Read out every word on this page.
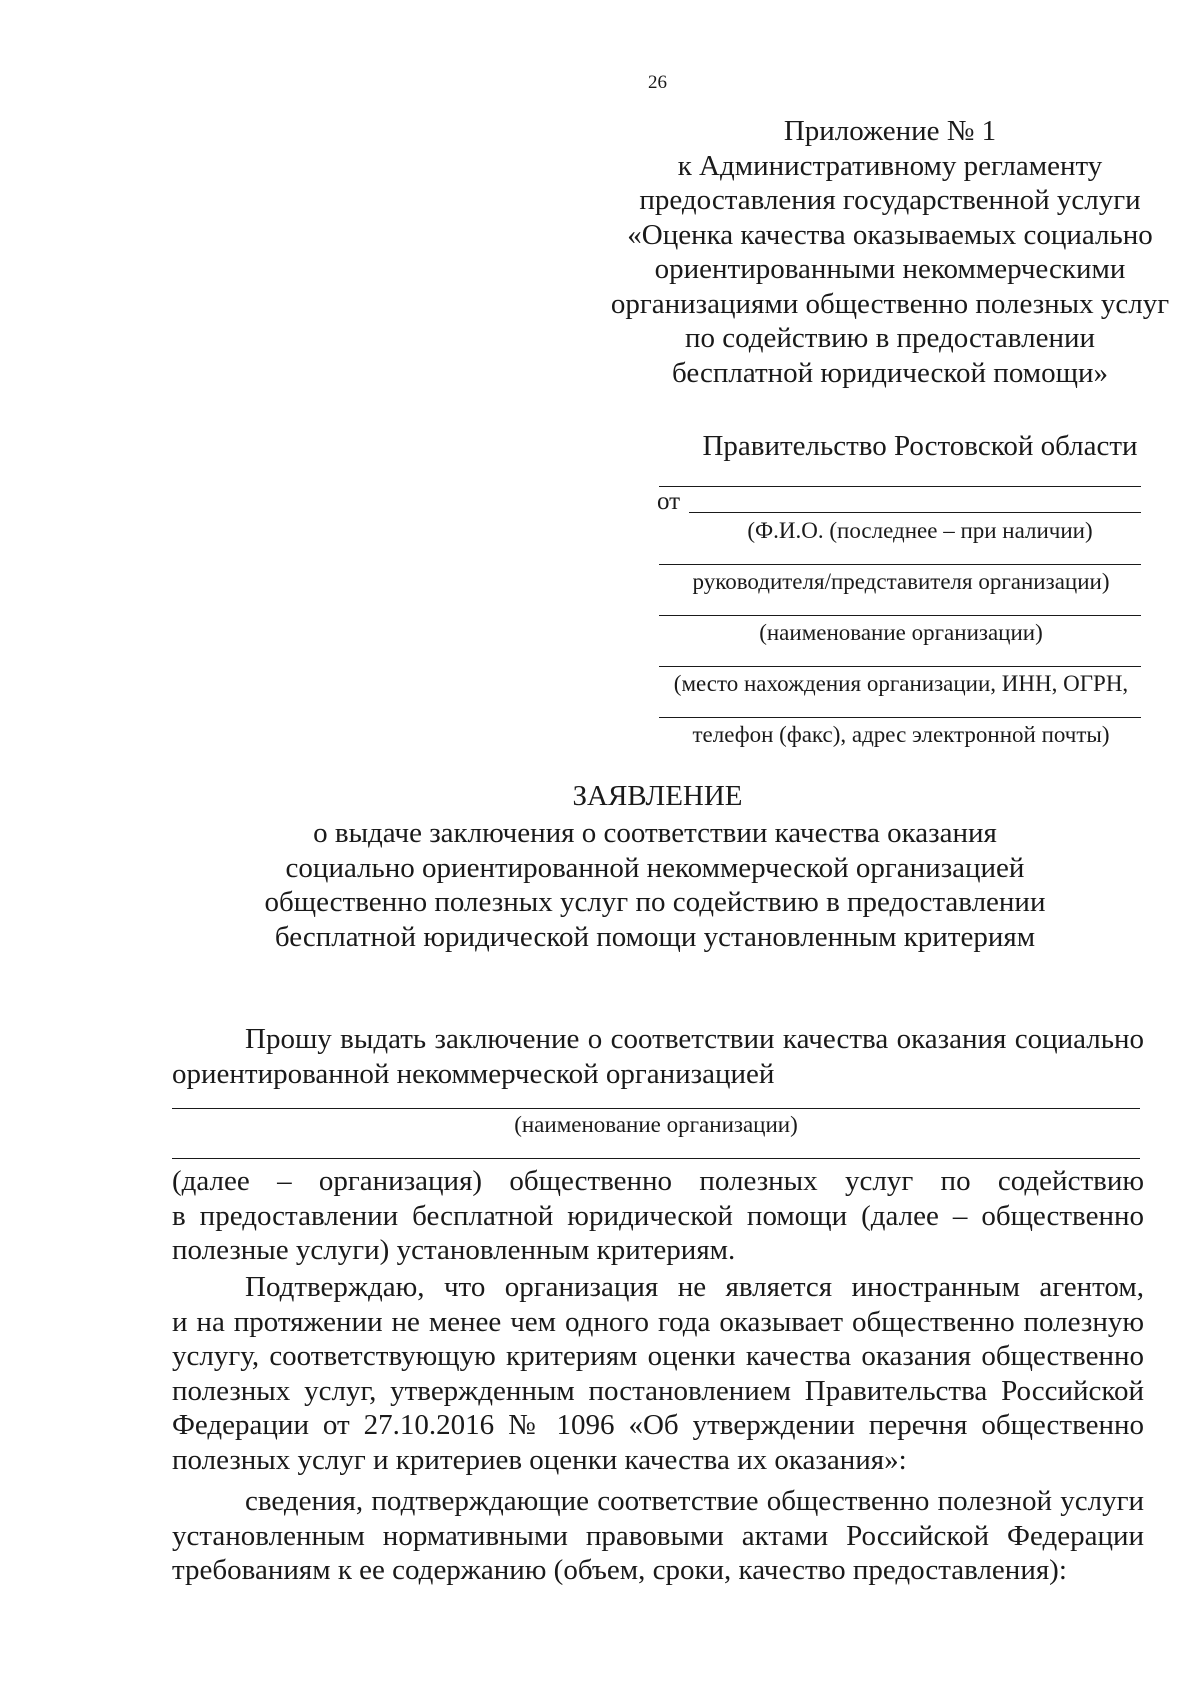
26
Приложение № 1
к Административному регламенту
предоставления государственной услуги
«Оценка качества оказываемых социально
ориентированными некоммерческими
организациями общественно полезных услуг
по содействию в предоставлении
бесплатной юридической помощи»
Правительство Ростовской области
от
(Ф.И.О. (последнее – при наличии)
руководителя/представителя организации)
(наименование организации)
(место нахождения организации, ИНН, ОГРН,
телефон (факс), адрес электронной почты)
ЗАЯВЛЕНИЕ
о выдаче заключения о соответствии качества оказания
социально ориентированной некоммерческой организацией
общественно полезных услуг по содействию в предоставлении
бесплатной юридической помощи установленным критериям
Прошу выдать заключение о соответствии качества оказания социально
ориентированной некоммерческой организацией
(наименование организации)
(далее – организация) общественно полезных услуг по содействию
в предоставлении бесплатной юридической помощи (далее – общественно
полезные услуги) установленным критериям.
Подтверждаю, что организация не является иностранным агентом,
и на протяжении не менее чем одного года оказывает общественно полезную
услугу, соответствующую критериям оценки качества оказания общественно
полезных услуг, утвержденным постановлением Правительства Российской
Федерации от 27.10.2016 № 1096 «Об утверждении перечня общественно
полезных услуг и критериев оценки качества их оказания»:
сведения, подтверждающие соответствие общественно полезной услуги
установленным нормативными правовыми актами Российской Федерации
требованиям к ее содержанию (объем, сроки, качество предоставления):
